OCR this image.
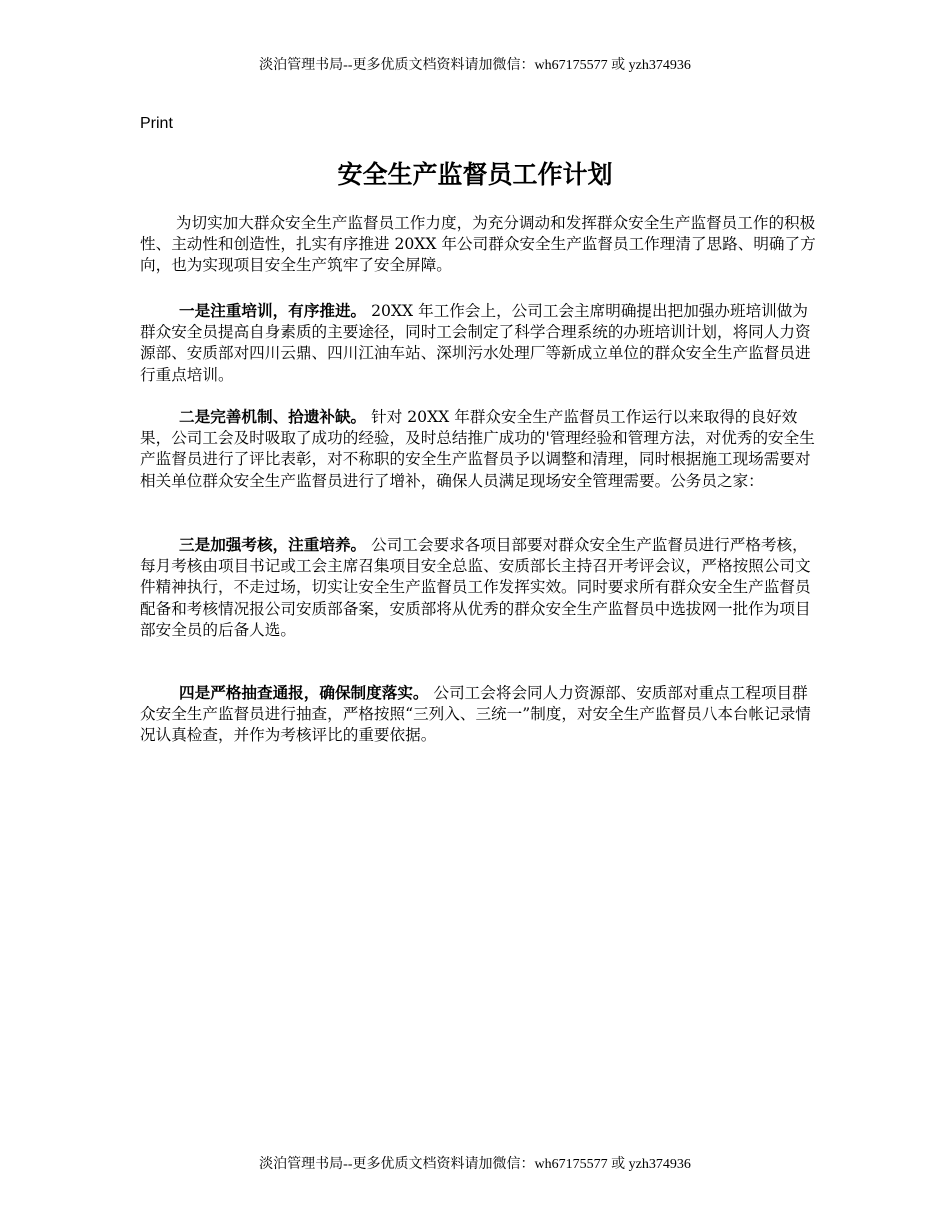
淡泊管理书局--更多优质文档资料请加微信：wh67175577 或 yzh374936
Print
安全生产监督员工作计划

为切实加大群众安全生产监督员工作力度，为充分调动和发挥群众安全生产监督员工作的积极性、主动性和创造性，扎实有序推进 20XX 年公司群众安全生产监督员工作理清了思路、明确了方向，也为实现项目安全生产筑牢了安全屏障。

一是注重培训，有序推进。 20XX 年工作会上，公司工会主席明确提出把加强办班培训做为群众安全员提高自身素质的主要途径，同时工会制定了科学合理系统的办班培训计划，将同人力资源部、安质部对四川云鼎、四川江油车站、深圳污水处理厂等新成立单位的群众安全生产监督员进行重点培训。

二是完善机制、拾遗补缺。 针对 20XX 年群众安全生产监督员工作运行以来取得的良好效果，公司工会及时吸取了成功的经验，及时总结推广成功的'管理经验和管理方法，对优秀的安全生产监督员进行了评比表彰，对不称职的安全生产监督员予以调整和清理，同时根据施工现场需要对相关单位群众安全生产监督员进行了增补，确保人员满足现场安全管理需要。公务员之家：

三是加强考核，注重培养。 公司工会要求各项目部要对群众安全生产监督员进行严格考核，每月考核由项目书记或工会主席召集项目安全总监、安质部长主持召开考评会议，严格按照公司文件精神执行，不走过场，切实让安全生产监督员工作发挥实效。同时要求所有群众安全生产监督员配备和考核情况报公司安质部备案，安质部将从优秀的群众安全生产监督员中选拔网一批作为项目部安全员的后备人选。

四是严格抽查通报，确保制度落实。 公司工会将会同人力资源部、安质部对重点工程项目群众安全生产监督员进行抽查，严格按照“三列入、三统一”制度，对安全生产监督员八本台帐记录情况认真检查，并作为考核评比的重要依据。

淡泊管理书局--更多优质文档资料请加微信：wh67175577 或 yzh374936
